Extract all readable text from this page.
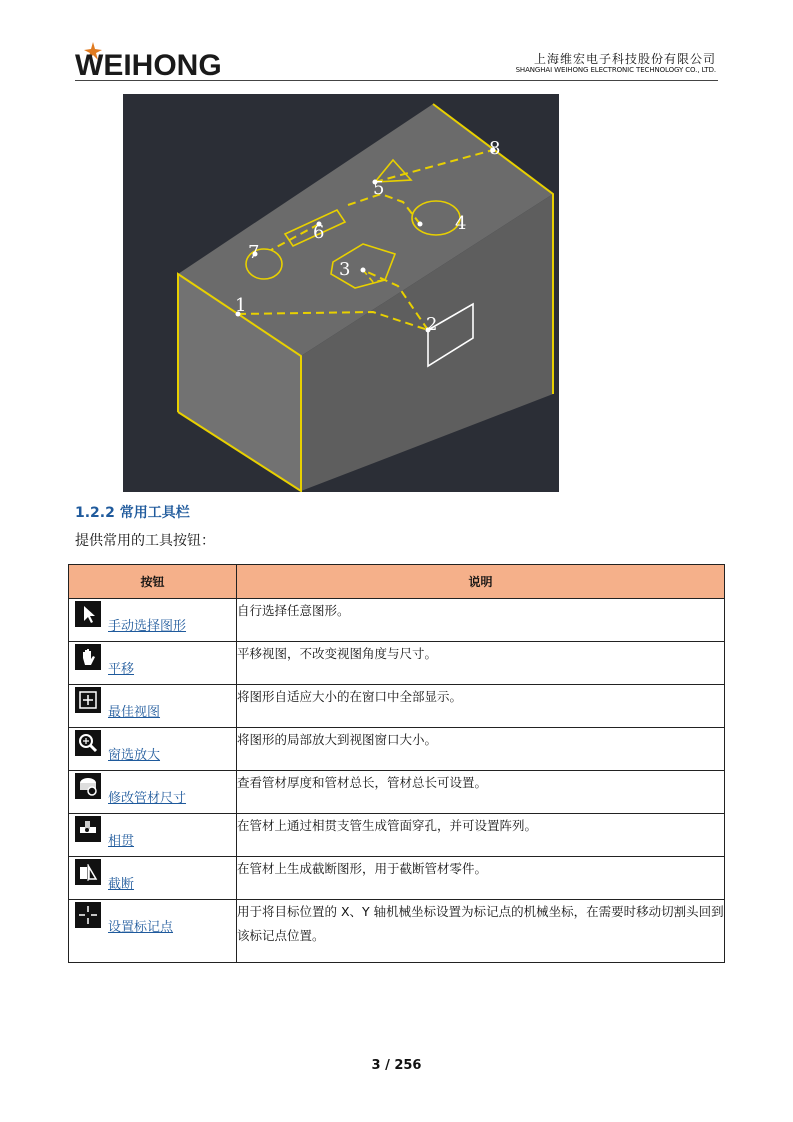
WEIHONG	上海维宏电子科技股份有限公司
SHANGHAI WEIHONG ELECTRONIC TECHNOLOGY CO., LTD.
1
2
3
4
5
6
7
8
1.2.2 常用工具栏
提供常用的工具按钮：
按钮	说明

手动选择图形	自行选择任意图形。

平移	平移视图，不改变视图角度与尺寸。

最佳视图	将图形自适应大小的在窗口中全部显示。

窗选放大	将图形的局部放大到视图窗口大小。

修改管材尺寸	查看管材厚度和管材总长，管材总长可设置。

相贯	在管材上通过相贯支管生成管面穿孔，并可设置阵列。

截断	在管材上生成截断图形，用于截断管材零件。

设置标记点	用于将目标位置的 X、Y 轴机械坐标设置为标记点的机械坐标，在需要时移动切割头回到该标记点位置。
3 / 256
